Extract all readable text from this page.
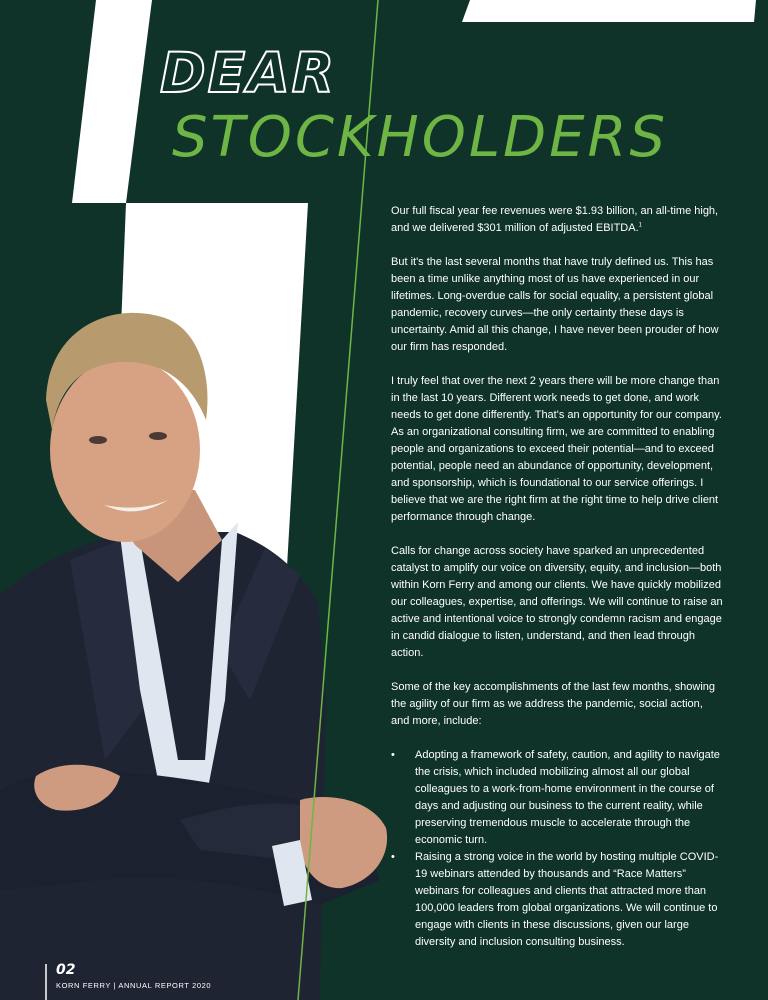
DEAR
STOCKHOLDERS

Our full fiscal year fee revenues were $1.93 billion, an all-time high, and we delivered $301 million of adjusted EBITDA.$^1$

But it's the last several months that have truly defined us. This has been a time unlike anything most of us have experienced in our lifetimes. Long-overdue calls for social equality, a persistent global pandemic, recovery curves—the only certainty these days is uncertainty. Amid all this change, I have never been prouder of how our firm has responded.

I truly feel that over the next 2 years there will be more change than in the last 10 years. Different work needs to get done, and work needs to get done differently. That's an opportunity for our company. As an organizational consulting firm, we are committed to enabling people and organizations to exceed their potential—and to exceed potential, people need an abundance of opportunity, development, and sponsorship, which is foundational to our service offerings. I believe that we are the right firm at the right time to help drive client performance through change.

Calls for change across society have sparked an unprecedented catalyst to amplify our voice on diversity, equity, and inclusion—both within Korn Ferry and among our clients. We have quickly mobilized our colleagues, expertise, and offerings. We will continue to raise an active and intentional voice to strongly condemn racism and engage in candid dialogue to listen, understand, and then lead through action.

Some of the key accomplishments of the last few months, showing the agility of our firm as we address the pandemic, social action, and more, include:

• Adopting a framework of safety, caution, and agility to navigate the crisis, which included mobilizing almost all our global colleagues to a work-from-home environment in the course of days and adjusting our business to the current reality, while preserving tremendous muscle to accelerate through the economic turn.
• Raising a strong voice in the world by hosting multiple COVID-19 webinars attended by thousands and “Race Matters” webinars for colleagues and clients that attracted more than 100,000 leaders from global organizations. We will continue to engage with clients in these discussions, given our large diversity and inclusion consulting business.

02

KORN FERRY | ANNUAL REPORT 2020
